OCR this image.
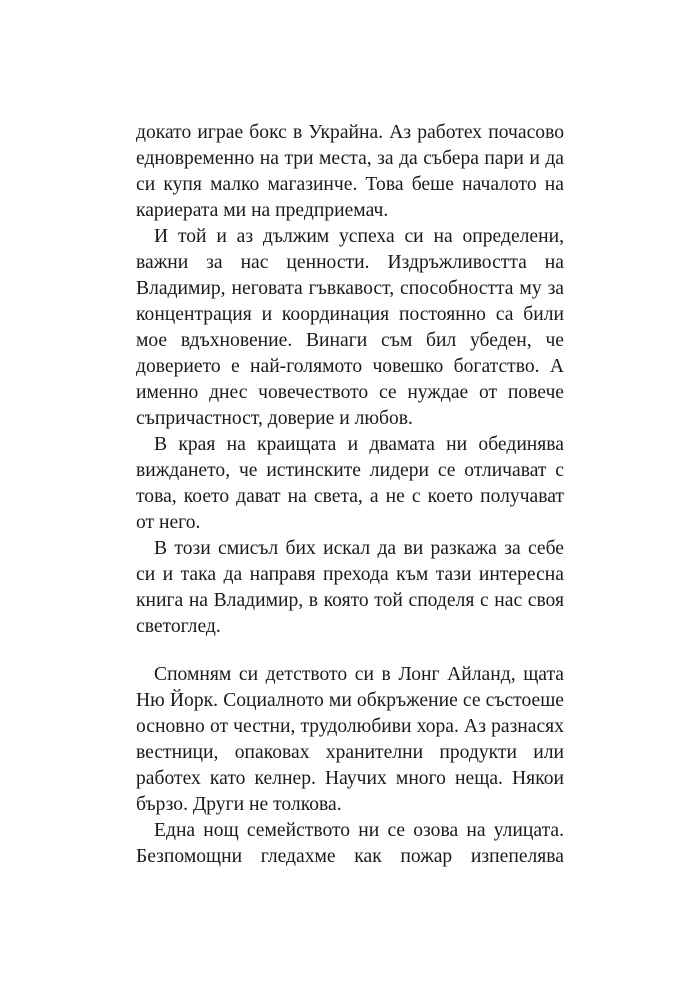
докато играе бокс в Украйна. Аз работех почасово едновременно на три места, за да събера пари и да си купя малко магазинче. Това беше началото на кариерата ми на предприемач.

И той и аз дължим успеха си на определени, важни за нас ценности. Издръжливостта на Владимир, неговата гъвкавост, способността му за концентрация и координация постоянно са били мое вдъхновение. Винаги съм бил убеден, че доверието е най-голямото човешко богатство. А именно днес човечеството се нуждае от повече съпричастност, доверие и любов.

В края на краищата и двамата ни обединява виждането, че истинските лидери се отличават с това, което дават на света, а не с което получават от него.

В този смисъл бих искал да ви разкажа за себе си и така да направя прехода към тази интересна книга на Владимир, в която той споделя с нас своя светоглед.

Спомням си детството си в Лонг Айланд, щата Ню Йорк. Социалното ми обкръжение се състоеше основно от честни, трудолюбиви хора. Аз разнасях вестници, опаковах хранителни продукти или работех като келнер. Научих много неща. Някои бързо. Други не толкова.

Една нощ семейството ни се озова на улицата. Безпомощни гледахме как пожар изпепелява
